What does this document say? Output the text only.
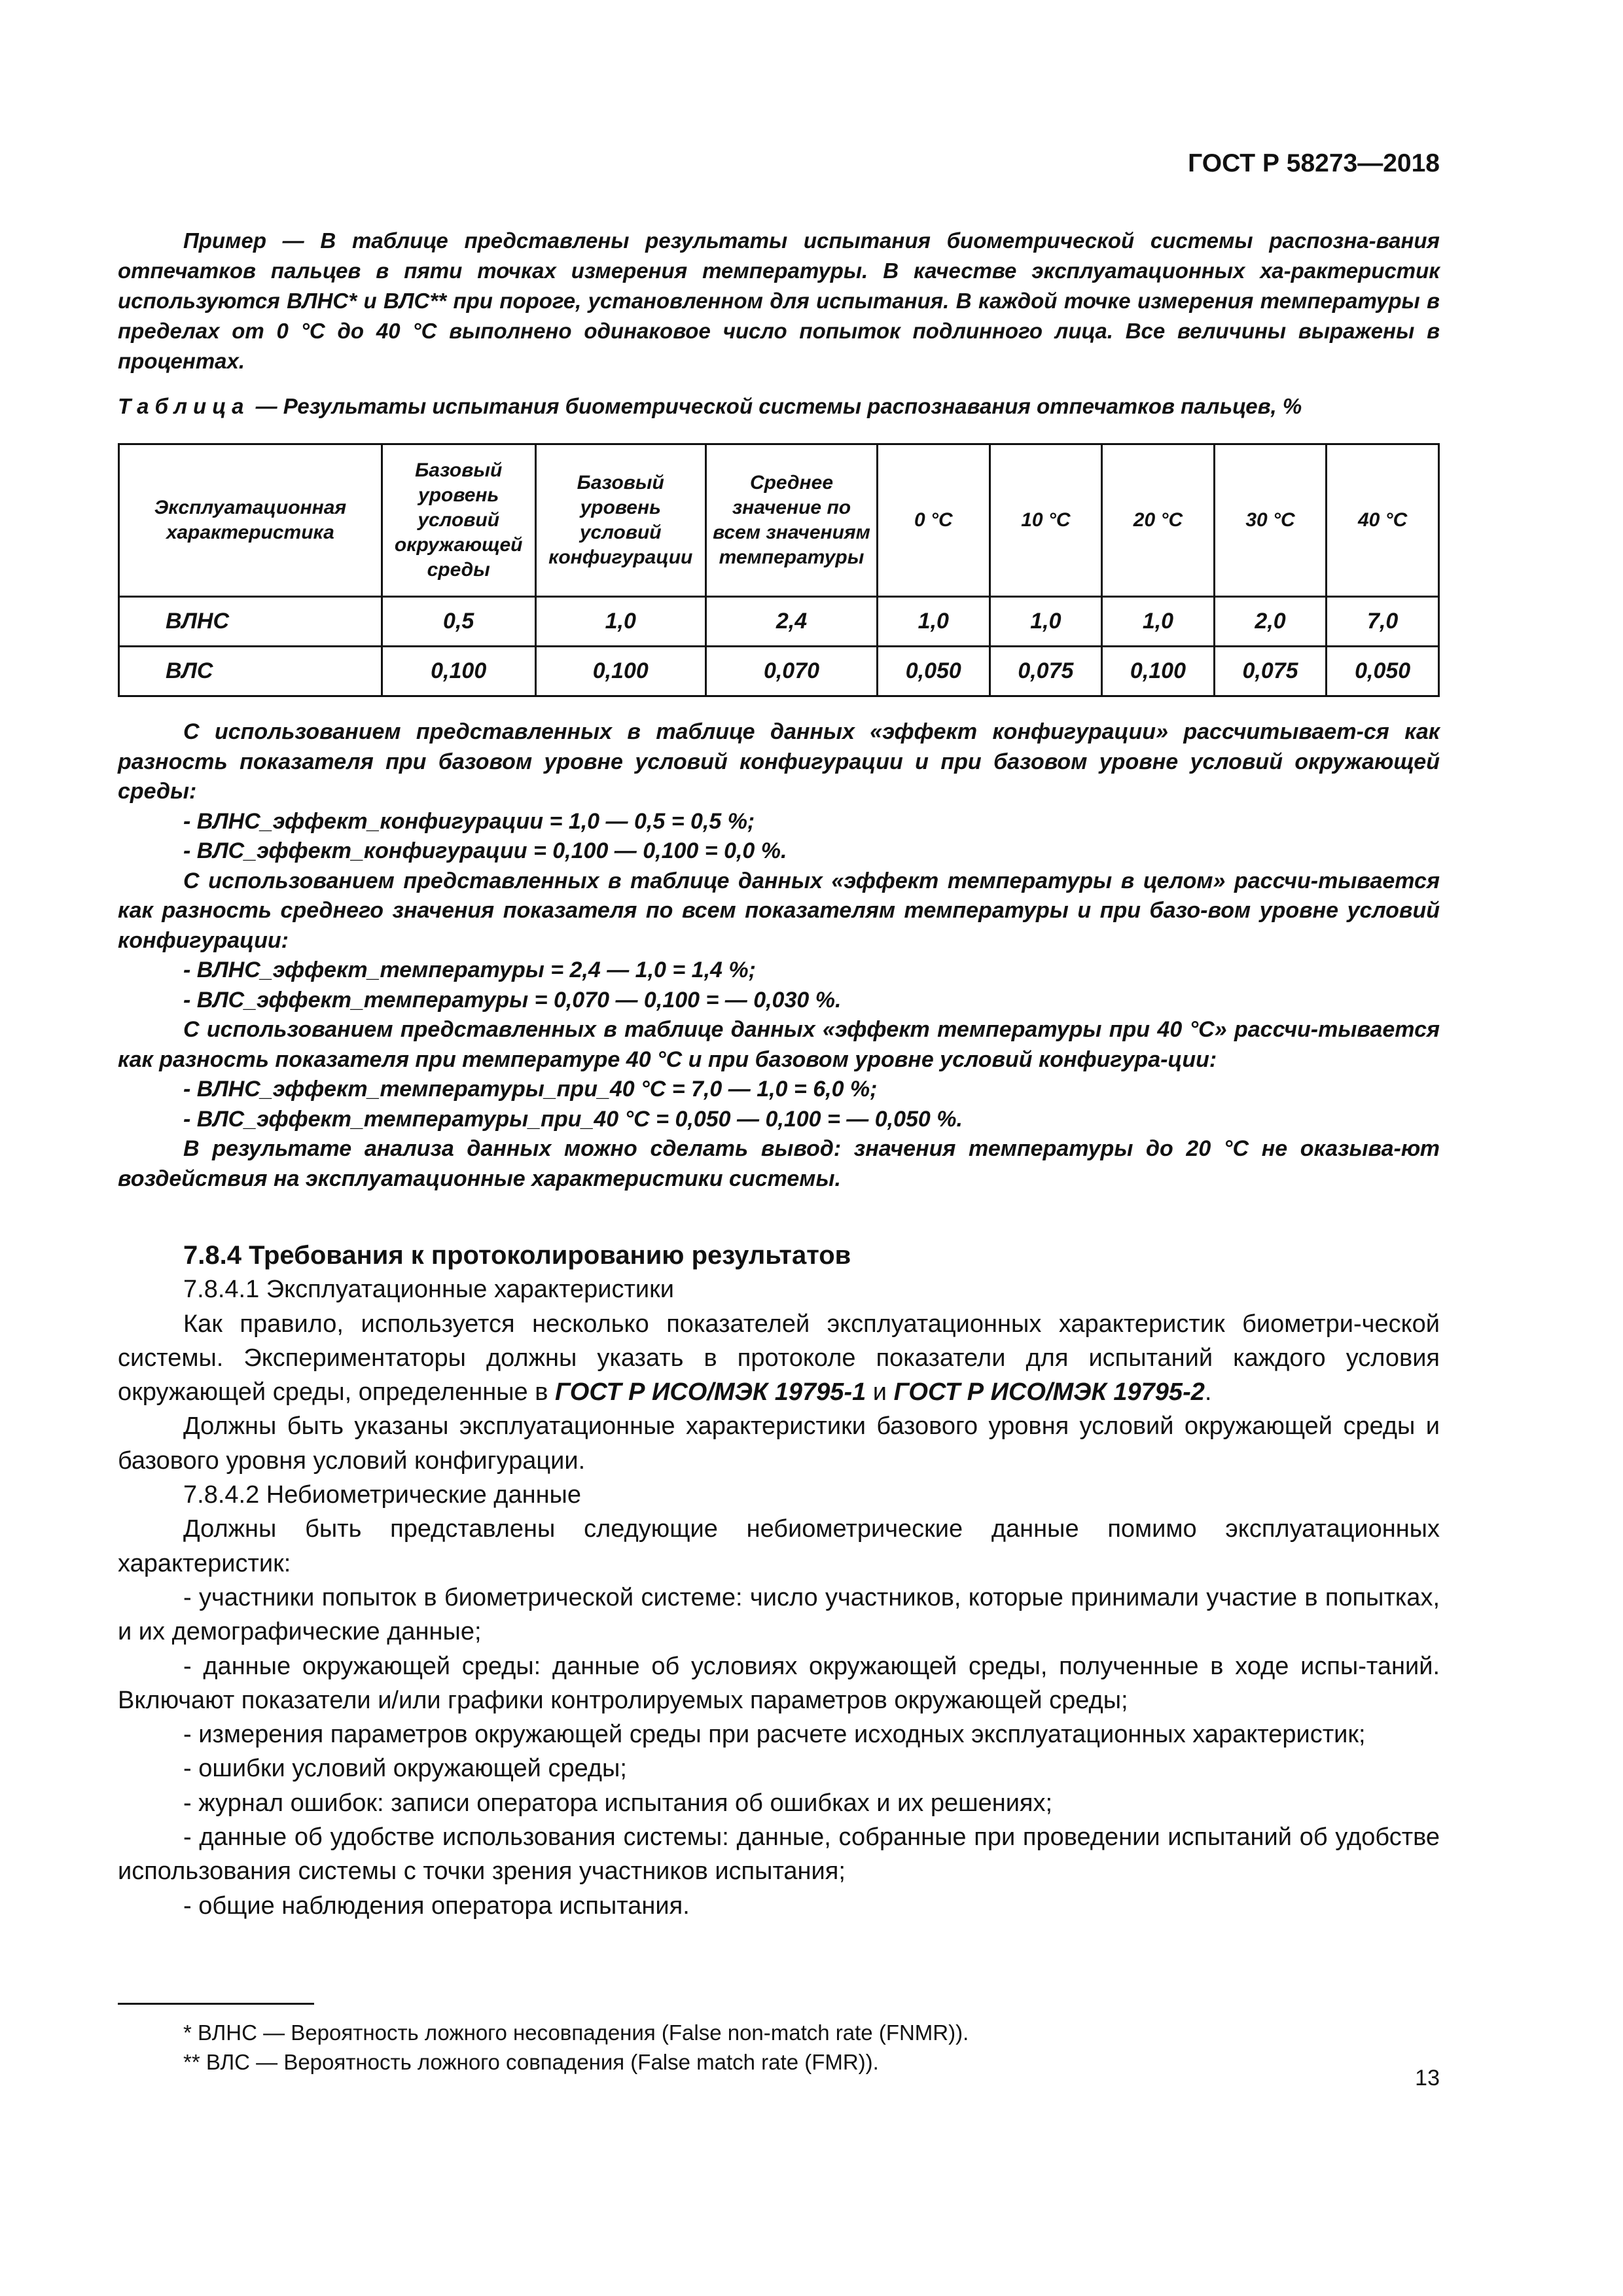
ГОСТ Р 58273—2018

Пример — В таблице представлены результаты испытания биометрической системы распозна-вания отпечатков пальцев в пяти точках измерения температуры. В качестве эксплуатационных ха-рактеристик используются ВЛНС* и ВЛС** при пороге, установленном для испытания. В каждой точке измерения температуры в пределах от 0 °С до 40 °С выполнено одинаковое число попыток подлинного лица. Все величины выражены в процентах.

Таблица — Результаты испытания биометрической системы распознавания отпечатков пальцев, %

Эксплуатационная характеристика	Базовый уровень условий окружающей среды	Базовый уровень условий конфигурации	Среднее значение по всем значениям температуры	0 °С	10 °С	20 °С	30 °С	40 °С
ВЛНС	0,5	1,0	2,4	1,0	1,0	1,0	2,0	7,0
ВЛС	0,100	0,100	0,070	0,050	0,075	0,100	0,075	0,050

С использованием представленных в таблице данных «эффект конфигурации» рассчитывает-ся как разность показателя при базовом уровне условий конфигурации и при базовом уровне условий окружающей среды:

- ВЛНС_эффект_конфигурации = 1,0 — 0,5 = 0,5 %;

- ВЛС_эффект_конфигурации = 0,100 — 0,100 = 0,0 %.

С использованием представленных в таблице данных «эффект температуры в целом» рассчи-тывается как разность среднего значения показателя по всем показателям температуры и при базо-вом уровне условий конфигурации:

- ВЛНС_эффект_температуры = 2,4 — 1,0 = 1,4 %;

- ВЛС_эффект_температуры = 0,070 — 0,100 = — 0,030 %.

С использованием представленных в таблице данных «эффект температуры при 40 °С» рассчи-тывается как разность показателя при температуре 40 °С и при базовом уровне условий конфигура-ции:

- ВЛНС_эффект_температуры_при_40 °С = 7,0 — 1,0 = 6,0 %;

- ВЛС_эффект_температуры_при_40 °С = 0,050 — 0,100 = — 0,050 %.

В результате анализа данных можно сделать вывод: значения температуры до 20 °С не оказыва-ют воздействия на эксплуатационные характеристики системы.

7.8.4 Требования к протоколированию результатов

7.8.4.1 Эксплуатационные характеристики

Как правило, используется несколько показателей эксплуатационных характеристик биометри-ческой системы. Экспериментаторы должны указать в протоколе показатели для испытаний каждого условия окружающей среды, определенные в ГОСТ Р ИСО/МЭК 19795-1 и ГОСТ Р ИСО/МЭК 19795-2.

Должны быть указаны эксплуатационные характеристики базового уровня условий окружающей среды и базового уровня условий конфигурации.

7.8.4.2 Небиометрические данные

Должны быть представлены следующие небиометрические данные помимо эксплуатационных характеристик:

- участники попыток в биометрической системе: число участников, которые принимали участие в попытках, и их демографические данные;

- данные окружающей среды: данные об условиях окружающей среды, полученные в ходе испы-таний. Включают показатели и/или графики контролируемых параметров окружающей среды;

- измерения параметров окружающей среды при расчете исходных эксплуатационных характеристик;

- ошибки условий окружающей среды;

- журнал ошибок: записи оператора испытания об ошибках и их решениях;

- данные об удобстве использования системы: данные, собранные при проведении испытаний об удобстве использования системы с точки зрения участников испытания;

- общие наблюдения оператора испытания.

* ВЛНС — Вероятность ложного несовпадения (False non-match rate (FNMR)).

** ВЛС — Вероятность ложного совпадения (False match rate (FMR)).

13
